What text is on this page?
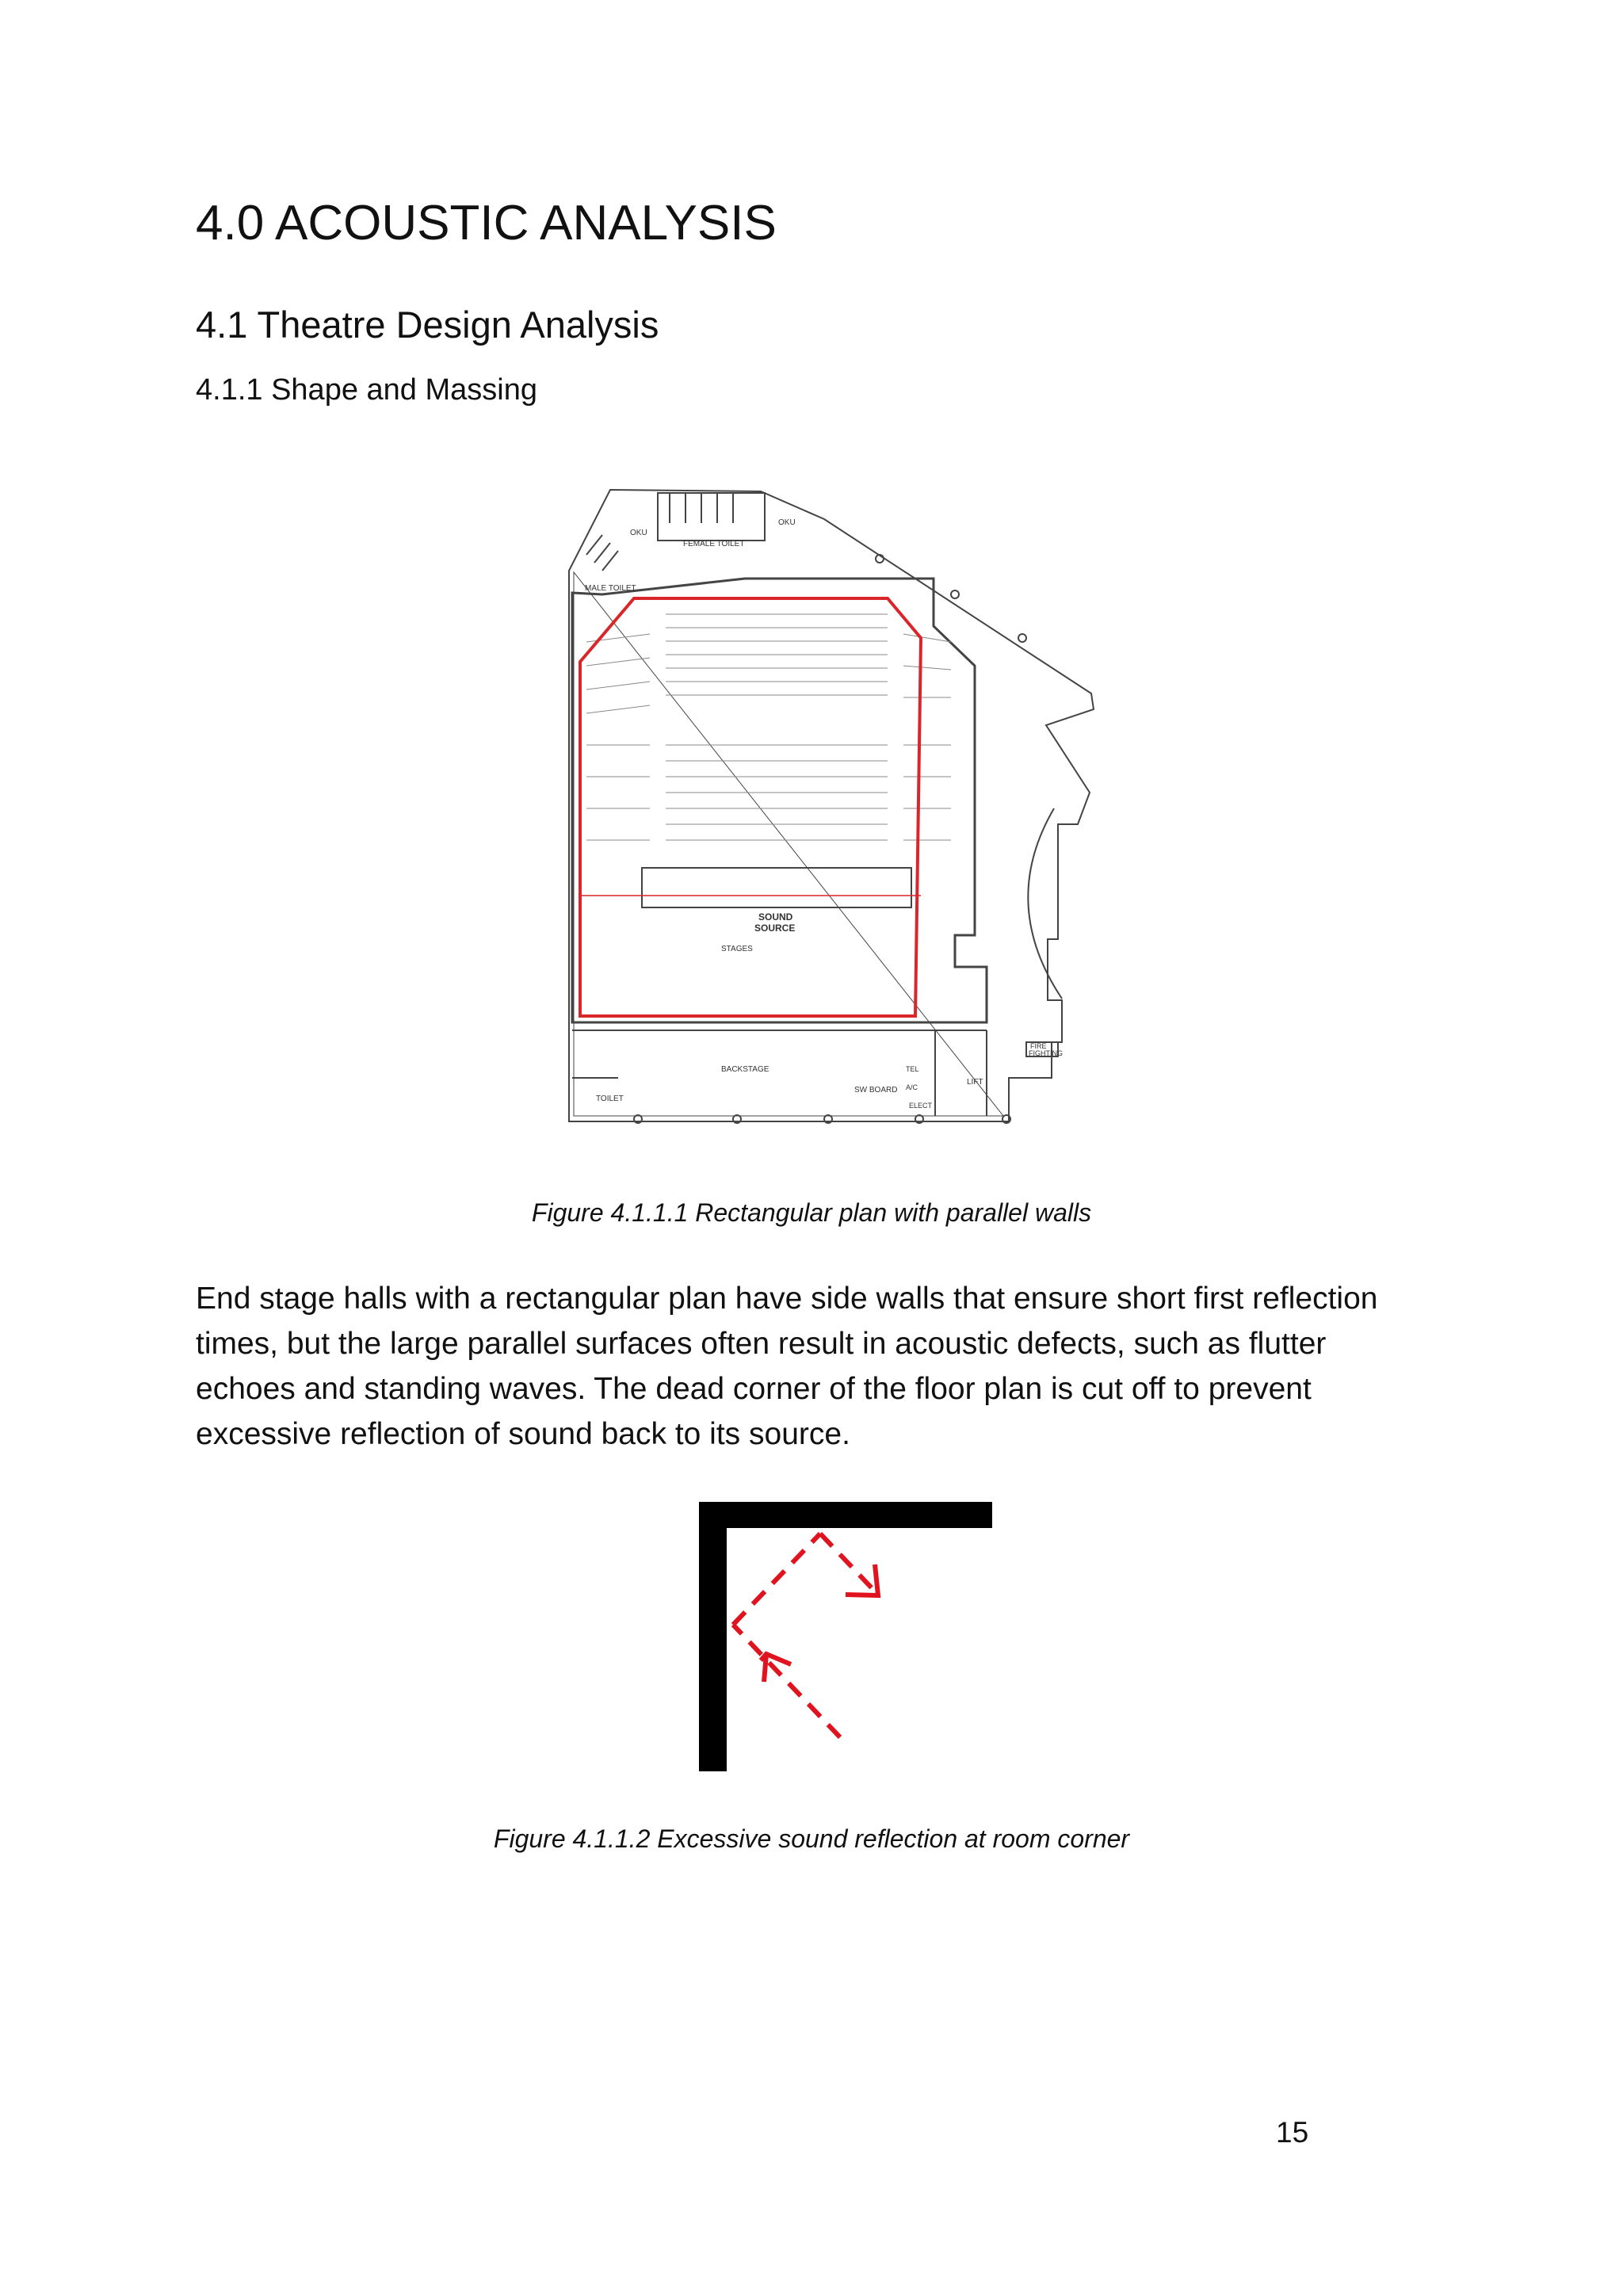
4.0 ACOUSTIC ANALYSIS
4.1 Theatre Design Analysis
4.1.1 Shape and Massing
OKU
OKU
FEMALE TOILET
MALE TOILET
SOUND
SOURCE
STAGES
BACKSTAGE
TOILET
SW BOARD
TEL
A/C
ELECT
LIFT
FIRE
FIGHTING

Figure 4.1.1.1 Rectangular plan with parallel walls

End stage halls with a rectangular plan have side walls that ensure short first reflection times, but the large parallel surfaces often result in acoustic defects, such as flutter echoes and standing waves. The dead corner of the floor plan is cut off to prevent excessive reflection of sound back to its source.

Figure 4.1.1.2 Excessive sound reflection at room corner

15
